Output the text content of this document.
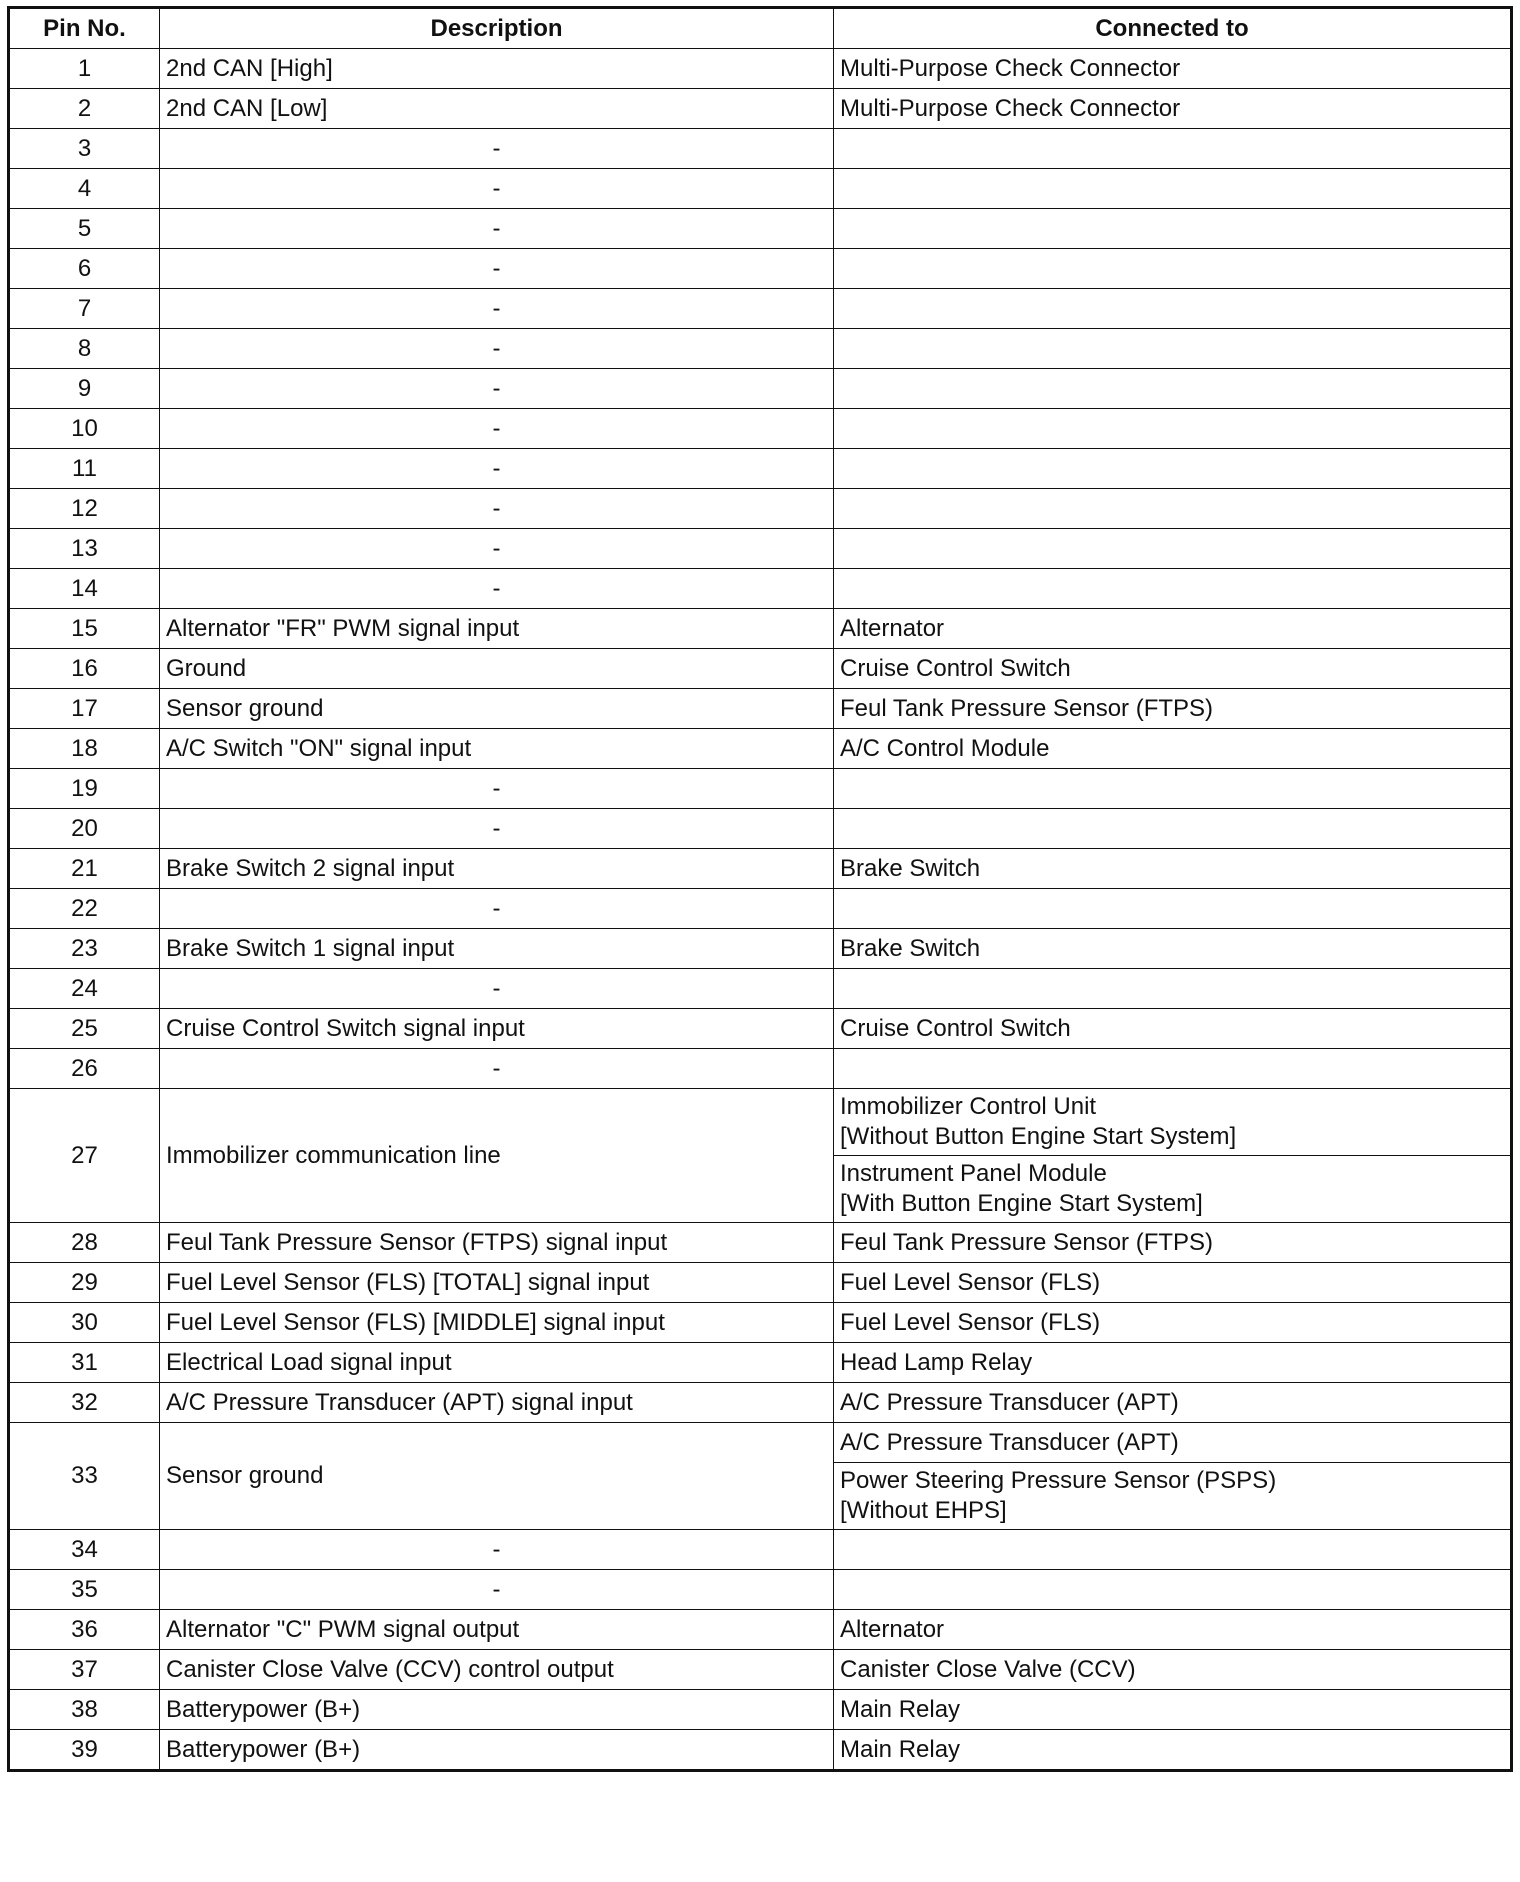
Pin No.	Description	Connected to
1	2nd CAN [High]	Multi-Purpose Check Connector
2	2nd CAN [Low]	Multi-Purpose Check Connector
3	-	
4	-	
5	-	
6	-	
7	-	
8	-	
9	-	
10	-	
11	-	
12	-	
13	-	
14	-	
15	Alternator "FR" PWM signal input	Alternator
16	Ground	Cruise Control Switch
17	Sensor ground	Feul Tank Pressure Sensor (FTPS)
18	A/C Switch "ON" signal input	A/C Control Module
19	-	
20	-	
21	Brake Switch 2 signal input	Brake Switch
22	-	
23	Brake Switch 1 signal input	Brake Switch
24	-	
25	Cruise Control Switch signal input	Cruise Control Switch
26	-	
27	Immobilizer communication line	Immobilizer Control Unit
[Without Button Engine Start System]

		Instrument Panel Module
[With Button Engine Start System]

28	Feul Tank Pressure Sensor (FTPS) signal input	Feul Tank Pressure Sensor (FTPS)
29	Fuel Level Sensor (FLS) [TOTAL] signal input	Fuel Level Sensor (FLS)
30	Fuel Level Sensor (FLS) [MIDDLE] signal input	Fuel Level Sensor (FLS)
31	Electrical Load signal input	Head Lamp Relay
32	A/C Pressure Transducer (APT) signal input	A/C Pressure Transducer (APT)
33	Sensor ground	A/C Pressure Transducer (APT)

		Power Steering Pressure Sensor (PSPS)
[Without EHPS]

34	-	
35	-	
36	Alternator "C" PWM signal output	Alternator
37	Canister Close Valve (CCV) control output	Canister Close Valve (CCV)
38	Batterypower (B+)	Main Relay
39	Batterypower (B+)	Main Relay
